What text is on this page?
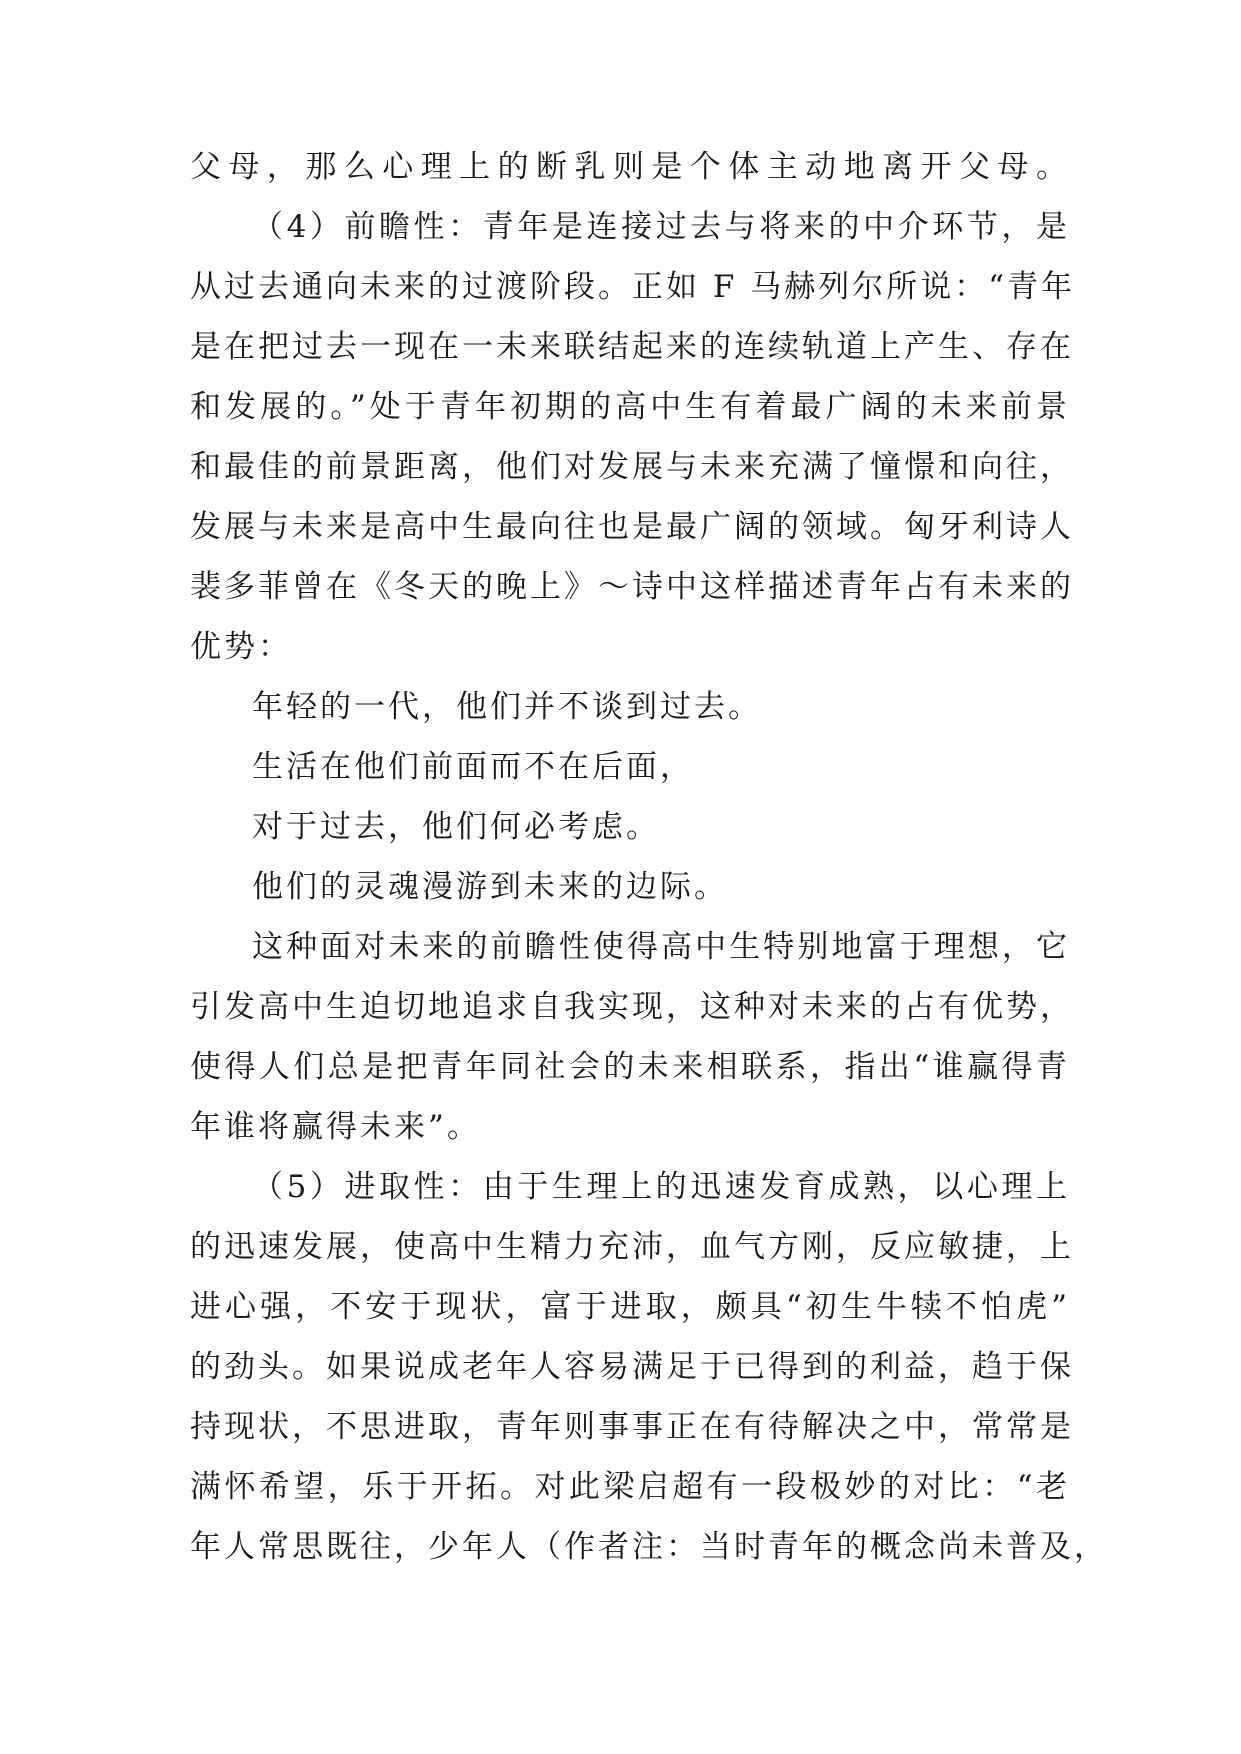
父母，那么心理上的断乳则是个体主动地离开父母。
（4）前瞻性：青年是连接过去与将来的中介环节，是
从过去通向未来的过渡阶段。正如 F 马赫列尔所说：“青年
是在把过去一现在一未来联结起来的连续轨道上产生、存在
和发展的。”处于青年初期的高中生有着最广阔的未来前景
和最佳的前景距离，他们对发展与未来充满了憧憬和向往，
发展与未来是高中生最向往也是最广阔的领域。匈牙利诗人
裴多菲曾在《冬天的晚上》～诗中这样描述青年占有未来的
优势：
年轻的一代，他们并不谈到过去。
生活在他们前面而不在后面，
对于过去，他们何必考虑。
他们的灵魂漫游到未来的边际。
这种面对未来的前瞻性使得高中生特别地富于理想，它
引发高中生迫切地追求自我实现，这种对未来的占有优势，
使得人们总是把青年同社会的未来相联系，指出“谁赢得青
年谁将赢得未来”。
（5）进取性：由于生理上的迅速发育成熟，以心理上
的迅速发展，使高中生精力充沛，血气方刚，反应敏捷，上
进心强，不安于现状，富于进取，颇具“初生牛犊不怕虎”
的劲头。如果说成老年人容易满足于已得到的利益，趋于保
持现状，不思进取，青年则事事正在有待解决之中，常常是
满怀希望，乐于开拓。对此梁启超有一段极妙的对比：“老
年人常思既往，少年人（作者注：当时青年的概念尚未普及，
